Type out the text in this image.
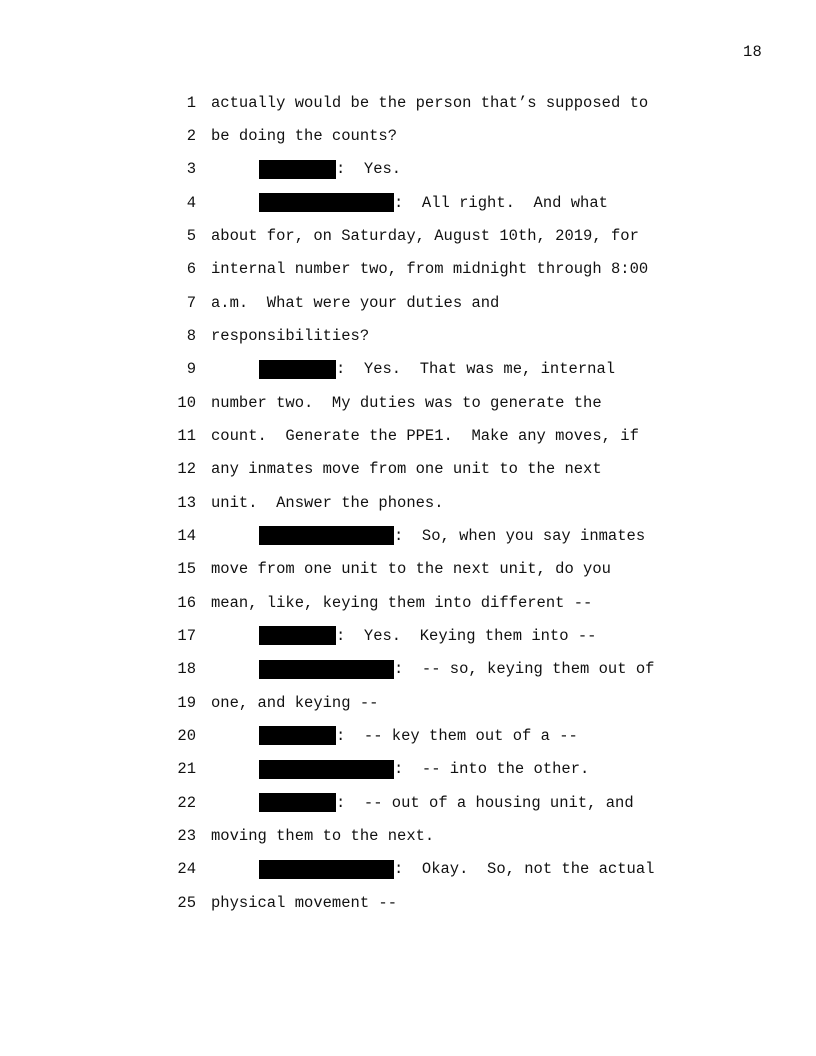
18
1 actually would be the person that’s supposed to
2 be doing the counts?
3	:  Yes.
4	:  All right.  And what
5 about for, on Saturday, August 10th, 2019, for
6 internal number two, from midnight through 8:00
7 a.m.  What were your duties and
8 responsibilities?
9	:  Yes.  That was me, internal
10 number two.  My duties was to generate the
11 count.  Generate the PPE1.  Make any moves, if
12 any inmates move from one unit to the next
13 unit.  Answer the phones.
14	:  So, when you say inmates
15 move from one unit to the next unit, do you
16 mean, like, keying them into different --
17	:  Yes.  Keying them into --
18	:  -- so, keying them out of
19 one, and keying --
20	:  -- key them out of a --
21	:  -- into the other.
22	:  -- out of a housing unit, and
23 moving them to the next.
24	:  Okay.  So, not the actual
25 physical movement --
